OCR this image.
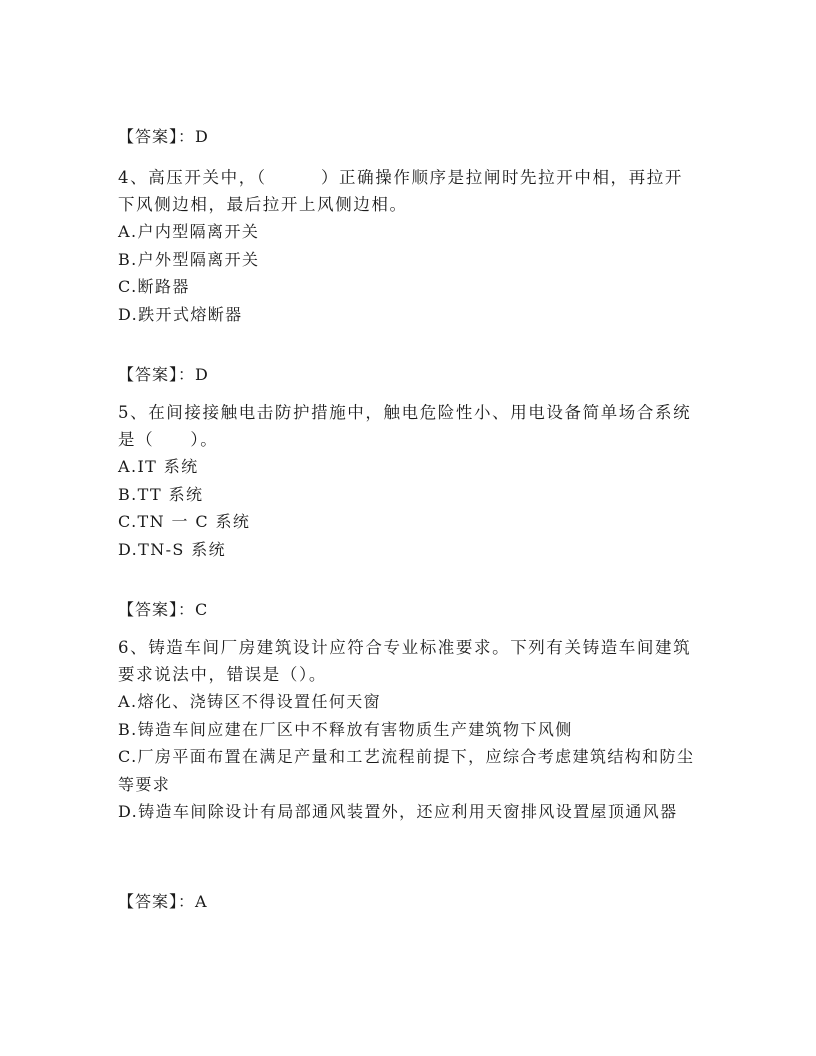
【答案】：D

4、高压开关中，（　　　）正确操作顺序是拉闸时先拉开中相，再拉开下风侧边相，最后拉开上风侧边相。

A.户内型隔离开关
B.户外型隔离开关
C.断路器
D.跌开式熔断器
【答案】：D

5、在间接接触电击防护措施中，触电危险性小、用电设备简单场合系统是（　　）。

A.IT 系统
B.TT 系统
C.TN 一 C 系统
D.TN-S 系统
【答案】：C

6、铸造车间厂房建筑设计应符合专业标准要求。下列有关铸造车间建筑要求说法中，错误是（）。

A.熔化、浇铸区不得设置任何天窗
B.铸造车间应建在厂区中不释放有害物质生产建筑物下风侧
C.厂房平面布置在满足产量和工艺流程前提下，应综合考虑建筑结构和防尘等要求
D.铸造车间除设计有局部通风装置外，还应利用天窗排风设置屋顶通风器
【答案】：A
